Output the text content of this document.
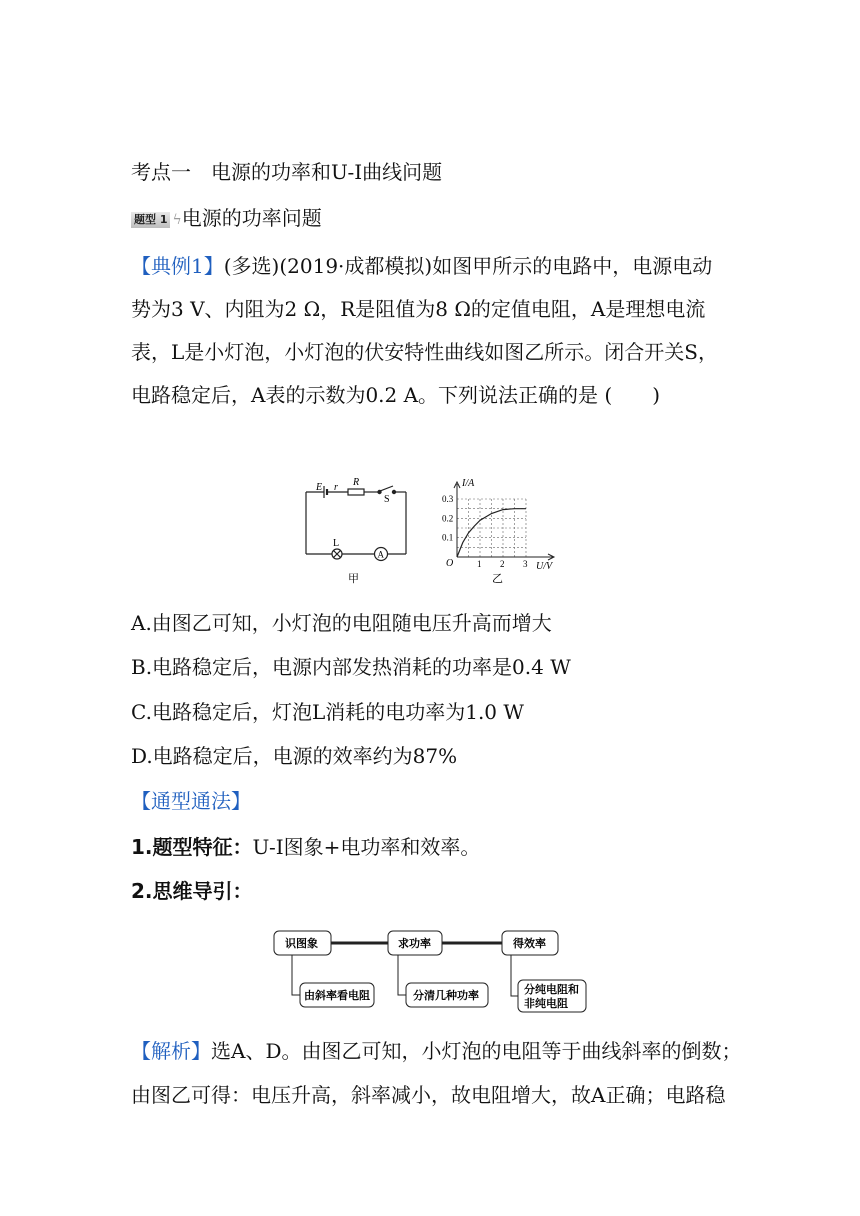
考点一　电源的功率和U-I曲线问题
题型 1 ϟ电源的功率问题
【典例1】(多选)(2019·成都模拟)如图甲所示的电路中，电源电动
势为3 V、内阻为2 Ω，R是阻值为8 Ω的定值电阻，A是理想电流
表，L是小灯泡，小灯泡的伏安特性曲线如图乙所示。闭合开关S，
电路稳定后，A表的示数为0.2 A。下列说法正确的是 (　　)
E r R
S
L
A
甲
I/A
O	U/V
1 2 3
0.1
0.2
0.3
乙
A.由图乙可知，小灯泡的电阻随电压升高而增大
B.电路稳定后，电源内部发热消耗的功率是0.4 W
C.电路稳定后，灯泡L消耗的电功率为1.0 W
D.电路稳定后，电源的效率约为87%
【通型通法】
1.题型特征：U-I图象+电功率和效率。
2.思维导引：
识图象	求功率	得效率
由斜率看电阻	分清几种功率	分纯电阻和
非纯电阻
【解析】选A、D。由图乙可知，小灯泡的电阻等于曲线斜率的倒数；
由图乙可得：电压升高，斜率减小，故电阻增大，故A正确；电路稳
